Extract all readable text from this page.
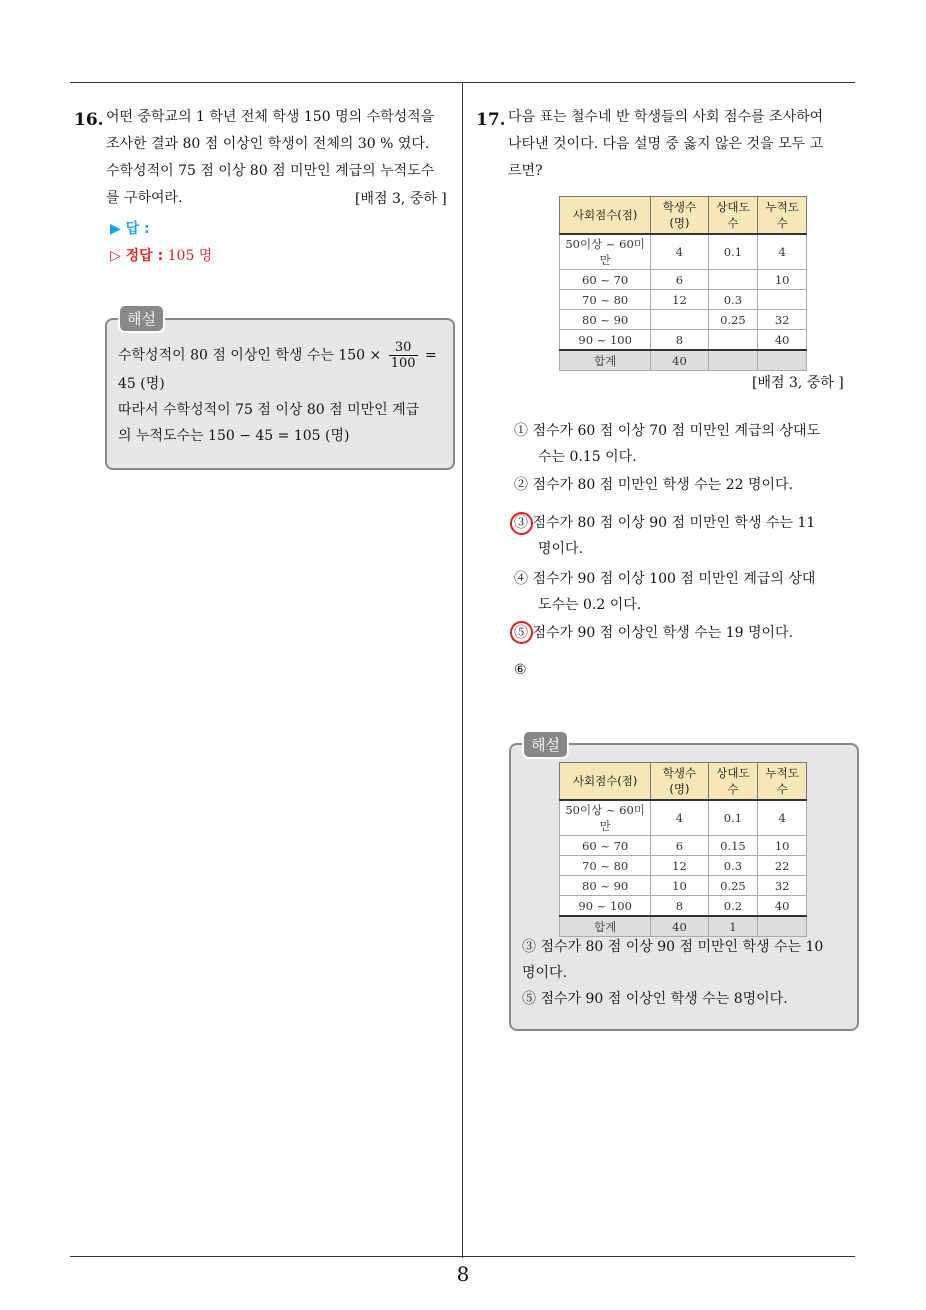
8
16. 어떤 중학교의 1 학년 전체 학생 150 명의 수학성적을

조사한 결과 80 점 이상인 학생이 전체의 30 % 였다.

수학성적이 75 점 이상 80 점 미만인 계급의 누적도수

를 구하여라.	[배점 3, 중하 ]
▶ 답 :
▷ 정답 : 105 명
해설

수학성적이 80 점 이상인 학생 수는 $150 \times \frac{30}{100}$ =

45 (명)

따라서 수학성적이 75 점 이상 80 점 미만인 계급

의 누적도수는 150 − 45 = 105 (명)

17. 다음 표는 철수네 반 학생들의 사회 점수를 조사하여

나타낸 것이다. 다음 설명 중 옳지 않은 것을 모두 고

르면?

사회점수(점)	학생수(명)	상대도수	누적도수
50이상 ~ 60미만	4	0.1	4
60 ~ 70	6		10
70 ~ 80	12	0.3	
80 ~ 90		0.25	32
90 ~ 100	8		40
합계	40		
[배점 3, 중하 ]

① 점수가 60 점 이상 70 점 미만인 계급의 상대도

수는 0.15 이다.

② 점수가 80 점 미만인 학생 수는 22 명이다.

③ 점수가 80 점 이상 90 점 미만인 학생 수는 11

명이다.

④ 점수가 90 점 이상 100 점 미만인 계급의 상대

도수는 0.2 이다.

⑤ 점수가 90 점 이상인 학생 수는 19 명이다.

⑥

해설
사회점수(점)	학생수(명)	상대도수	누적도수
50이상 ~ 60미만	4	0.1	4
60 ~ 70	6	0.15	10
70 ~ 80	12	0.3	22
80 ~ 90	10	0.25	32
90 ~ 100	8	0.2	40
합계	40	1	

③ 점수가 80 점 이상 90 점 미만인 학생 수는 10

명이다.

⑤ 점수가 90 점 이상인 학생 수는 8명이다.
